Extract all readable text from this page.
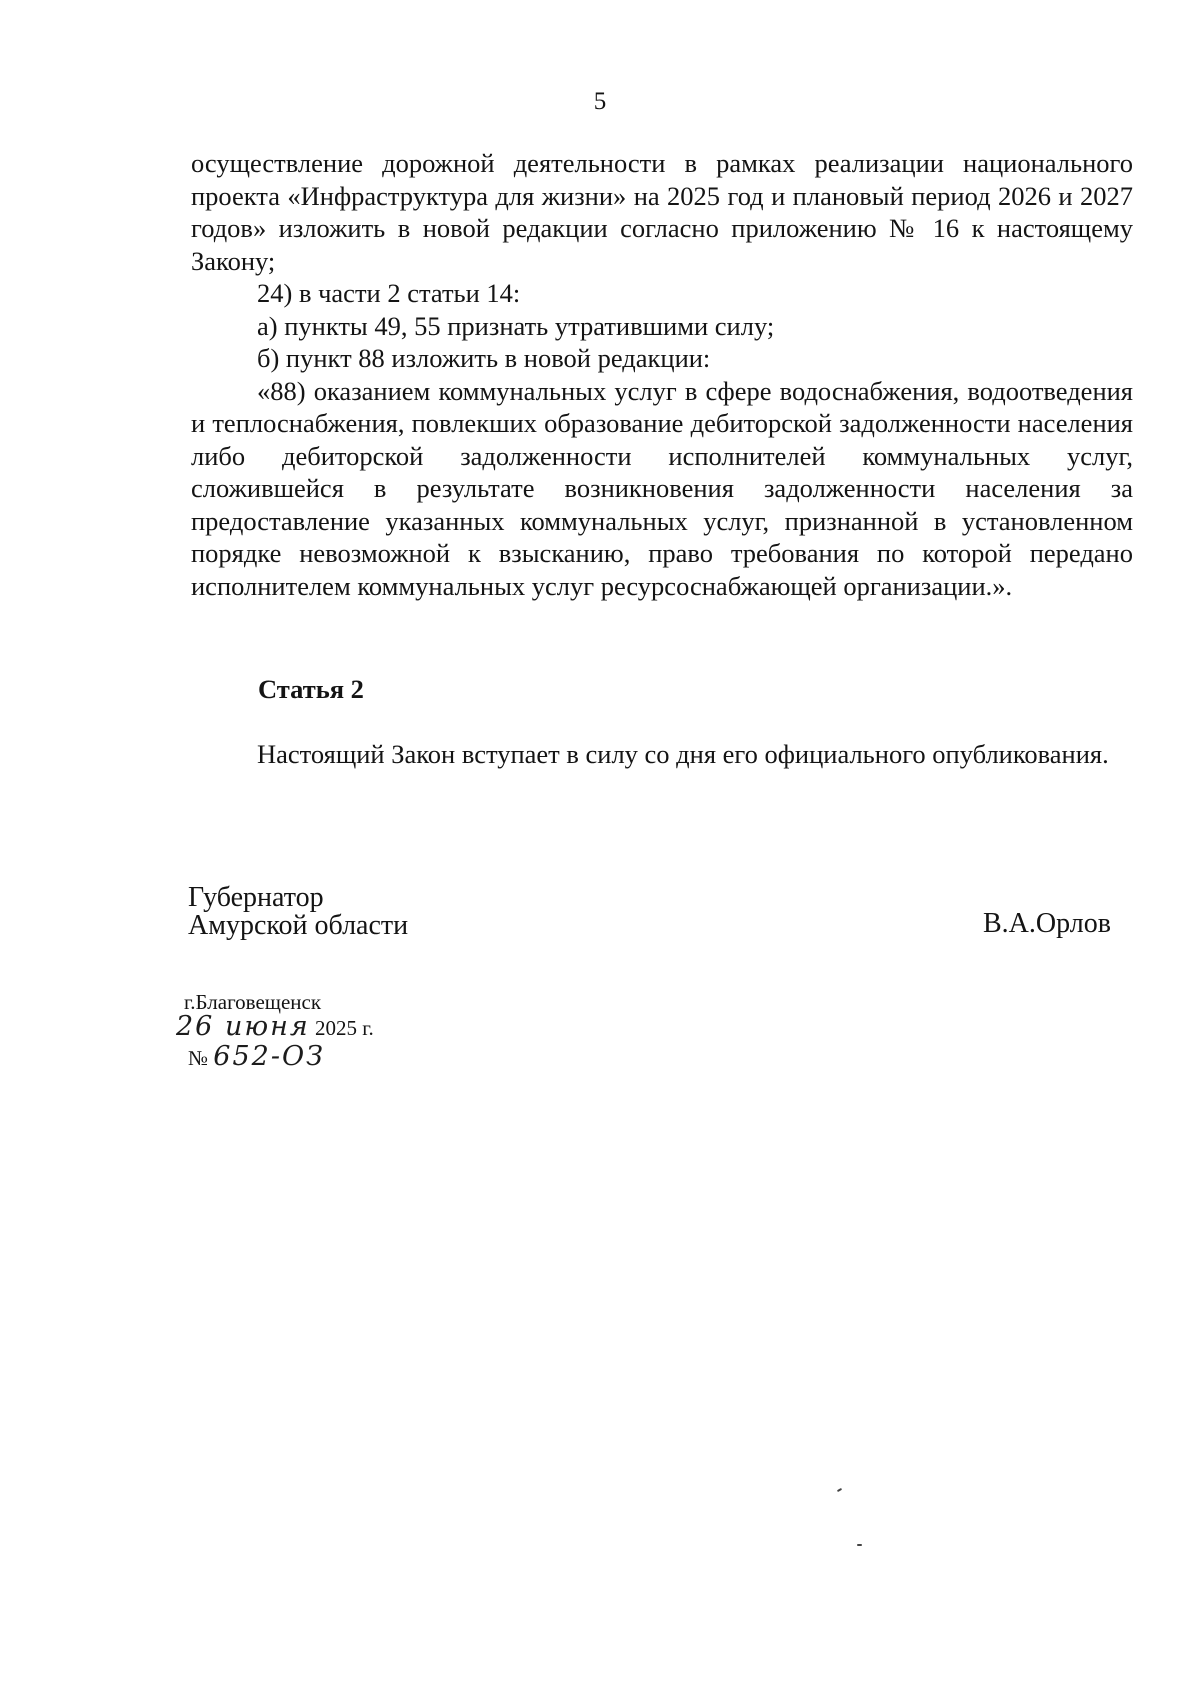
5

осуществление дорожной деятельности в рамках реализации национального проекта «Инфраструктура для жизни» на 2025 год и плановый период 2026 и 2027 годов» изложить в новой редакции согласно приложению № 16 к настоящему Закону;

24) в части 2 статьи 14:

а) пункты 49, 55 признать утратившими силу;

б) пункт 88 изложить в новой редакции:

«88) оказанием коммунальных услуг в сфере водоснабжения, водоотведения и теплоснабжения, повлекших образование дебиторской задолженности населения либо дебиторской задолженности исполнителей коммунальных услуг, сложившейся в результате возникновения задолженности населения за предоставление указанных коммунальных услуг, признанной в установленном порядке невозможной к взысканию, право требования по которой передано исполнителем коммунальных услуг ресурсоснабжающей организации.».

Статья 2

Настоящий Закон вступает в силу со дня его официального опубликования.

Губернатор
Амурской области	В.А.Орлов
г.Благовещенск
26 июня 2025 г.
№ 652-ОЗ
